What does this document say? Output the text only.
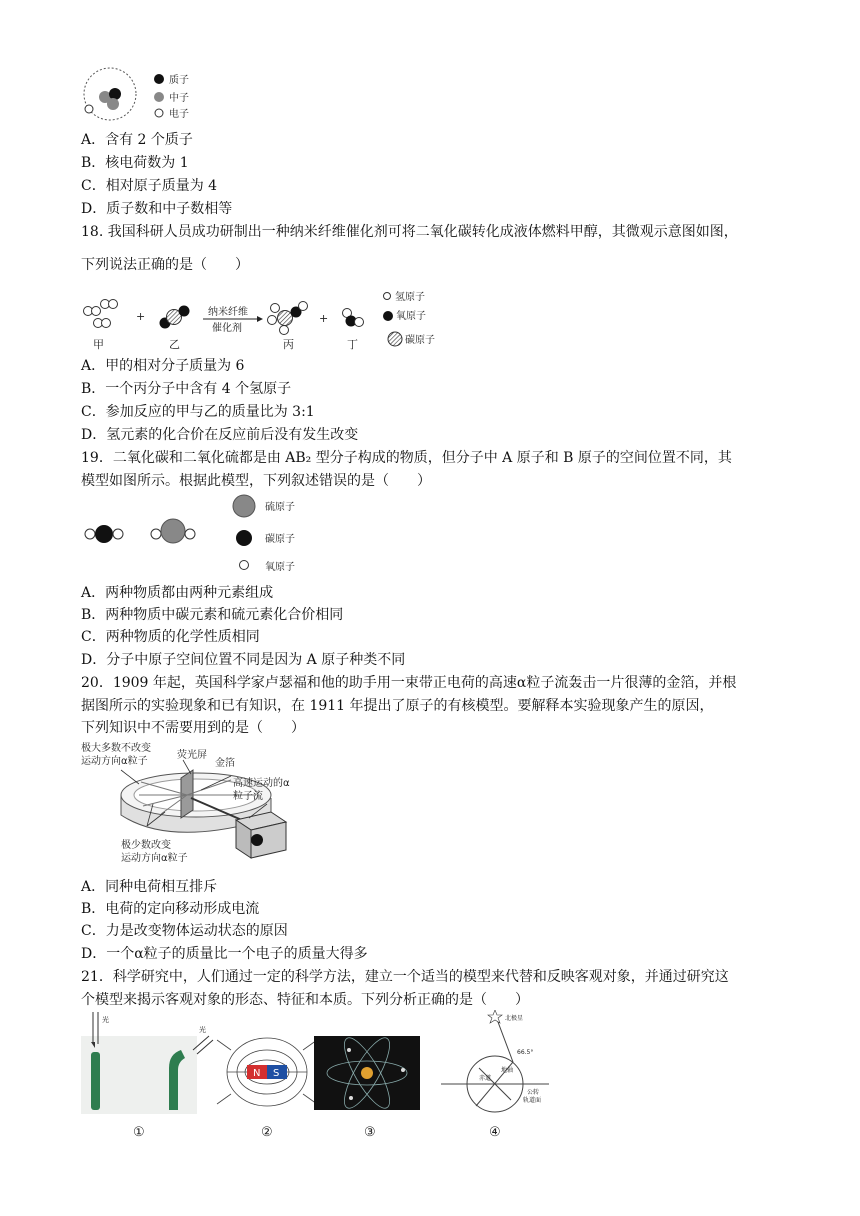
质子
中子
电子
A．含有 2 个质子
B．核电荷数为 1
C．相对原子质量为 4
D．质子数和中子数相等
18. 我国科研人员成功研制出一种纳米纤维催化剂可将二氧化碳转化成液体燃料甲醇，其微观示意图如图，
下列说法正确的是（　　）
+	纳米纤维
催化剂
+
甲	乙	丙	丁
氢原子
氧原子
碳原子
A．甲的相对分子质量为 6
B．一个丙分子中含有 4 个氢原子
C．参加反应的甲与乙的质量比为 3:1
D．氢元素的化合价在反应前后没有发生改变
19．二氧化碳和二氧化硫都是由 AB₂ 型分子构成的物质，但分子中 A 原子和 B 原子的空间位置不同，其
模型如图所示。根据此模型，下列叙述错误的是（　　）
硫原子
碳原子
氧原子
A．两种物质都由两种元素组成
B．两种物质中碳元素和硫元素化合价相同
C．两种物质的化学性质相同
D．分子中原子空间位置不同是因为 A 原子种类不同
20．1909 年起，英国科学家卢瑟福和他的助手用一束带正电荷的高速α粒子流轰击一片很薄的金箔，并根
据图所示的实验现象和已有知识，在 1911 年提出了原子的有核模型。要解释本实验现象产生的原因，
下列知识中不需要用到的是（　　）
极大多数不改变
运动方向α粒子
荧光屏
金箔
高速运动的α
粒子流
极少数改变
运动方向α粒子
A．同种电荷相互排斥
B．电荷的定向移动形成电流
C．力是改变物体运动状态的原因
D．一个α粒子的质量比一个电子的质量大得多
21．科学研究中，人们通过一定的科学方法，建立一个适当的模型来代替和反映客观对象，并通过研究这
个模型来揭示客观对象的形态、特征和本质。下列分析正确的是（　　）
光
光
N S
北极星
66.5°
赤道
地轴
公转
轨道面
①	②	③	④
